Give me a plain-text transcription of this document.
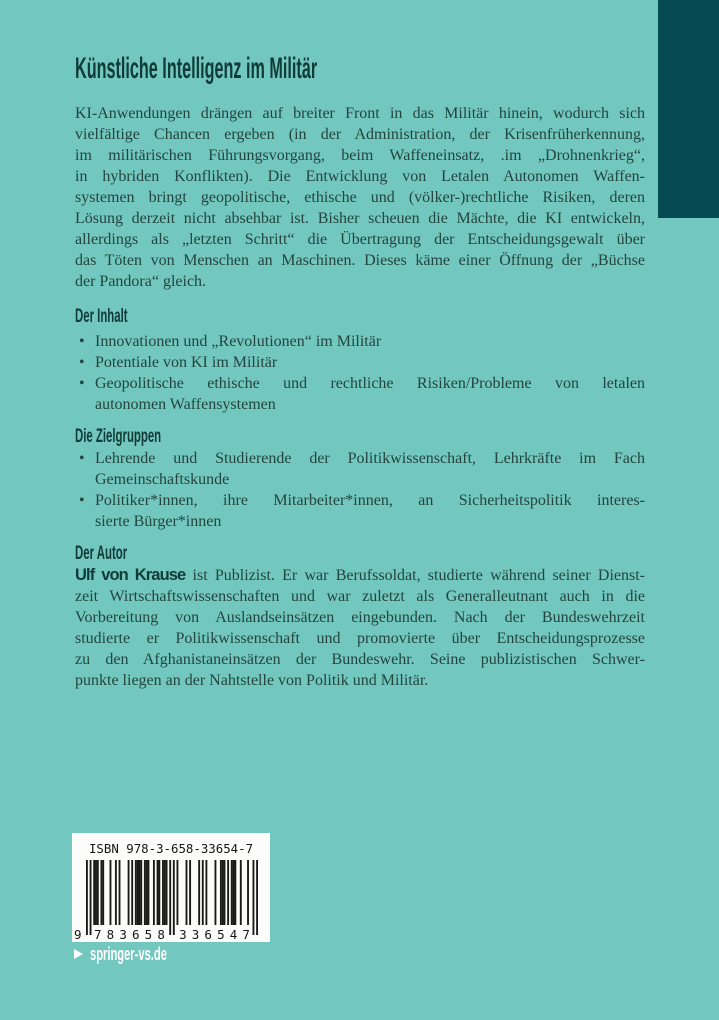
Künstliche Intelligenz im Militär
KI-Anwendungen drängen auf breiter Front in das Militär hinein, wodurch sich
vielfältige Chancen ergeben (in der Administration, der Krisenfrüherkennung,
im militärischen Führungsvorgang, beim Waffeneinsatz, .im „Drohnenkrieg“,
in hybriden Konflikten). Die Entwicklung von Letalen Autonomen Waffen-
systemen bringt geopolitische, ethische und (völker-)rechtliche Risiken, deren
Lösung derzeit nicht absehbar ist. Bisher scheuen die Mächte, die KI entwickeln,
allerdings als „letzten Schritt“ die Übertragung der Entscheidungsgewalt über
das Töten von Menschen an Maschinen. Dieses käme einer Öffnung der „Büchse
der Pandora“ gleich.
Der Inhalt
• Innovationen und „Revolutionen“ im Militär
• Potentiale von KI im Militär
• Geopolitische ethische und rechtliche Risiken/Probleme von letalen
autonomen Waffensystemen
Die Zielgruppen
• Lehrende und Studierende der Politikwissenschaft, Lehrkräfte im Fach
Gemeinschaftskunde
• Politiker*innen, ihre Mitarbeiter*innen, an Sicherheitspolitik interes-
sierte Bürger*innen
Der Autor
Ulf von Krause ist Publizist. Er war Berufssoldat, studierte während seiner Dienst-
zeit Wirtschaftswissenschaften und war zuletzt als Generalleutnant auch in die
Vorbereitung von Auslandseinsätzen eingebunden. Nach der Bundeswehrzeit
studierte er Politikwissenschaft und promovierte über Entscheidungsprozesse
zu den Afghanistaneinsätzen der Bundeswehr. Seine publizistischen Schwer-
punkte liegen an der Nahtstelle von Politik und Militär.
ISBN 978-3-658-33654-7
9 7 8 3 6 5 8 3 3 6 5 4 7
springer-vs.de
